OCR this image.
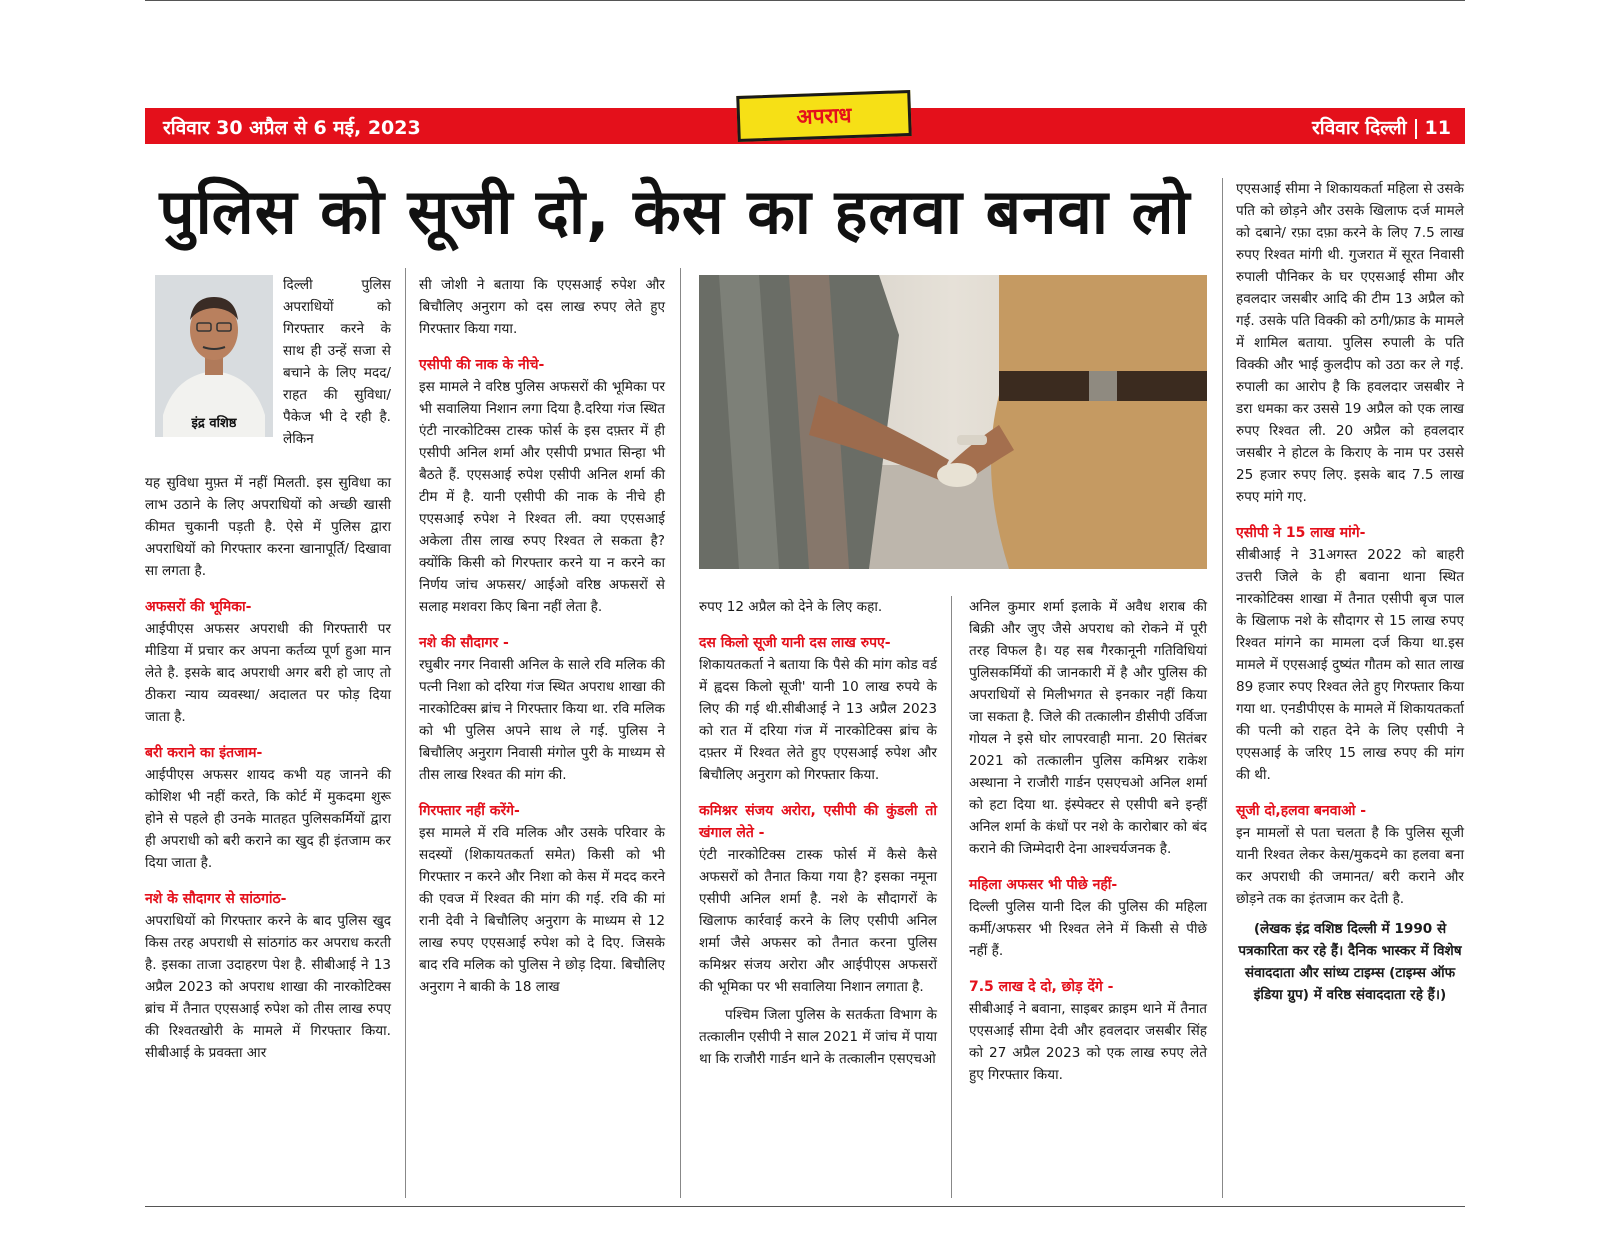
रविवार 30 अप्रैल से 6 मई, 2023	रविवार दिल्ली 11
अपराध
पुलिस को सूजी दो, केस का हलवा बनवा लो
इंद्र वशिष्ठ

दिल्ली पुलिस अपराधियों को गिरफ्तार करने के साथ ही उन्हें सजा से बचाने के लिए मदद/राहत की सुविधा/ पैकेज भी दे रही है. लेकिन

यह सुविधा मुफ़्त में नहीं मिलती. इस सुविधा का लाभ उठाने के लिए अपराधियों को अच्छी खासी कीमत चुकानी पड़ती है. ऐसे में पुलिस द्वारा अपराधियों को गिरफ्तार करना खानापूर्ति/ दिखावा सा लगता है.

अफसरों की भूमिका-

आईपीएस अफसर अपराधी की गिरफ्तारी पर मीडिया में प्रचार कर अपना कर्तव्य पूर्ण हुआ मान लेते है. इसके बाद अपराधी अगर बरी हो जाए तो ठीकरा न्याय व्यवस्था/ अदालत पर फोड़ दिया जाता है.

बरी कराने का इंतजाम-

आईपीएस अफसर शायद कभी यह जानने की कोशिश भी नहीं करते, कि कोर्ट में मुकदमा शुरू होने से पहले ही उनके मातहत पुलिसकर्मियों द्वारा ही अपराधी को बरी कराने का खुद ही इंतजाम कर दिया जाता है.

नशे के सौदागर से सांठगांठ-

अपराधियों को गिरफ्तार करने के बाद पुलिस खुद किस तरह अपराधी से सांठगांठ कर अपराध करती है. इसका ताजा उदाहरण पेश है. सीबीआई ने 13 अप्रैल 2023 को अपराध शाखा की नारकोटिक्स ब्रांच में तैनात एएसआई रुपेश को तीस लाख रुपए की रिश्वतखोरी के मामले में गिरफ्तार किया. सीबीआई के प्रवक्ता आर

सी जोशी ने बताया कि एएसआई रुपेश और बिचौलिए अनुराग को दस लाख रुपए लेते हुए गिरफ्तार किया गया.

एसीपी की नाक के नीचे-

इस मामले ने वरिष्ठ पुलिस अफसरों की भूमिका पर भी सवालिया निशान लगा दिया है.दरिया गंज स्थित एंटी नारकोटिक्स टास्क फोर्स के इस दफ़्तर में ही एसीपी अनिल शर्मा और एसीपी प्रभात सिन्हा भी बैठते हैं. एएसआई रुपेश एसीपी अनिल शर्मा की टीम में है. यानी एसीपी की नाक के नीचे ही एएसआई रुपेश ने रिश्वत ली. क्या एएसआई अकेला तीस लाख रुपए रिश्वत ले सकता है? क्योंकि किसी को गिरफ्तार करने या न करने का निर्णय जांच अफसर/ आईओ वरिष्ठ अफसरों से सलाह मशवरा किए बिना नहीं लेता है.

नशे की सौदागर -

रघुबीर नगर निवासी अनिल के साले रवि मलिक की पत्नी निशा को दरिया गंज स्थित अपराध शाखा की नारकोटिक्स ब्रांच ने गिरफ्तार किया था. रवि मलिक को भी पुलिस अपने साथ ले गई. पुलिस ने बिचौलिए अनुराग निवासी मंगोल पुरी के माध्यम से तीस लाख रिश्वत की मांग की.

गिरफ्तार नहीं करेंगे-

इस मामले में रवि मलिक और उसके परिवार के सदस्यों (शिकायतकर्ता समेत) किसी को भी गिरफ्तार न करने और निशा को केस में मदद करने की एवज में रिश्वत की मांग की गई. रवि की मां रानी देवी ने बिचौलिए अनुराग के माध्यम से 12 लाख रुपए एएसआई रुपेश को दे दिए. जिसके बाद रवि मलिक को पुलिस ने छोड़ दिया. बिचौलिए अनुराग ने बाकी के 18 लाख

रुपए 12 अप्रैल को देने के लिए कहा.

दस किलो सूजी यानी दस लाख रुपए-

शिकायतकर्ता ने बताया कि पैसे की मांग कोड वर्ड में ह्वदस किलो सूजी' यानी 10 लाख रुपये के लिए की गई थी.सीबीआई ने 13 अप्रैल 2023 को रात में दरिया गंज में नारकोटिक्स ब्रांच के दफ़्तर में रिश्वत लेते हुए एएसआई रुपेश और बिचौलिए अनुराग को गिरफ्तार किया.

कमिश्नर संजय अरोरा, एसीपी की कुंडली तो खंगाल लेते -

एंटी नारकोटिक्स टास्क फोर्स में कैसे कैसे अफसरों को तैनात किया गया है? इसका नमूना एसीपी अनिल शर्मा है. नशे के सौदागरों के खिलाफ कार्रवाई करने के लिए एसीपी अनिल शर्मा जैसे अफसर को तैनात करना पुलिस कमिश्नर संजय अरोरा और आईपीएस अफसरों की भूमिका पर भी सवालिया निशान लगाता है.

पश्चिम जिला पुलिस के सतर्कता विभाग के तत्कालीन एसीपी ने साल 2021 में जांच में पाया था कि राजौरी गार्डन थाने के तत्कालीन एसएचओ

अनिल कुमार शर्मा इलाके में अवैध शराब की बिक्री और जुए जैसे अपराध को रोकने में पूरी तरह विफल है। यह सब गैरकानूनी गतिविधियां पुलिसकर्मियों की जानकारी में है और पुलिस की अपराधियों से मिलीभगत से इनकार नहीं किया जा सकता है. जिले की तत्कालीन डीसीपी उर्विजा गोयल ने इसे घोर लापरवाही माना. 20 सितंबर 2021 को तत्कालीन पुलिस कमिश्नर राकेश अस्थाना ने राजौरी गार्डन एसएचओ अनिल शर्मा को हटा दिया था. इंस्पेक्टर से एसीपी बने इन्हीं अनिल शर्मा के कंधों पर नशे के कारोबार को बंद कराने की जिम्मेदारी देना आश्चर्यजनक है.

महिला अफसर भी पीछे नहीं-

दिल्ली पुलिस यानी दिल की पुलिस की महिला कर्मी/अफसर भी रिश्वत लेने में किसी से पीछे नहीं हैं.

7.5 लाख दे दो, छोड़ देंगे -

सीबीआई ने बवाना, साइबर क्राइम थाने में तैनात एएसआई सीमा देवी और हवलदार जसबीर सिंह को 27 अप्रैल 2023 को एक लाख रुपए लेते हुए गिरफ्तार किया.

एएसआई सीमा ने शिकायकर्ता महिला से उसके पति को छोड़ने और उसके खिलाफ दर्ज मामले को दबाने/ रफ़ा दफ़ा करने के लिए 7.5 लाख रुपए रिश्वत मांगी थी. गुजरात में सूरत निवासी रुपाली पौनिकर के घर एएसआई सीमा और हवलदार जसबीर आदि की टीम 13 अप्रैल को गई. उसके पति विक्की को ठगी/फ्राड के मामले में शामिल बताया. पुलिस रुपाली के पति विक्की और भाई कुलदीप को उठा कर ले गई. रुपाली का आरोप है कि हवलदार जसबीर ने डरा धमका कर उससे 19 अप्रैल को एक लाख रुपए रिश्वत ली. 20 अप्रैल को हवलदार जसबीर ने होटल के किराए के नाम पर उससे 25 हजार रुपए लिए. इसके बाद 7.5 लाख रुपए मांगे गए.

एसीपी ने 15 लाख मांगे-

सीबीआई ने 31अगस्त 2022 को बाहरी उत्तरी जिले के ही बवाना थाना स्थित नारकोटिक्स शाखा में तैनात एसीपी बृज पाल के खिलाफ नशे के सौदागर से 15 लाख रुपए रिश्वत मांगने का मामला दर्ज किया था.इस मामले में एएसआई दुष्यंत गौतम को सात लाख 89 हजार रुपए रिश्वत लेते हुए गिरफ्तार किया गया था. एनडीपीएस के मामले में शिकायतकर्ता की पत्नी को राहत देने के लिए एसीपी ने एएसआई के जरिए 15 लाख रुपए की मांग की थी.

सूजी दो,हलवा बनवाओ -

इन मामलों से पता चलता है कि पुलिस सूजी यानी रिश्वत लेकर केस/मुकदमे का हलवा बना कर अपराधी की जमानत/ बरी कराने और छोड़ने तक का इंतजाम कर देती है.

(लेखक इंद्र वशिष्ठ दिल्ली में 1990 से पत्रकारिता कर रहे हैं। दैनिक भास्कर में विशेष संवाददाता और सांध्य टाइम्स (टाइम्स ऑफ इंडिया ग्रुप) में वरिष्ठ संवाददाता रहे हैं।)
